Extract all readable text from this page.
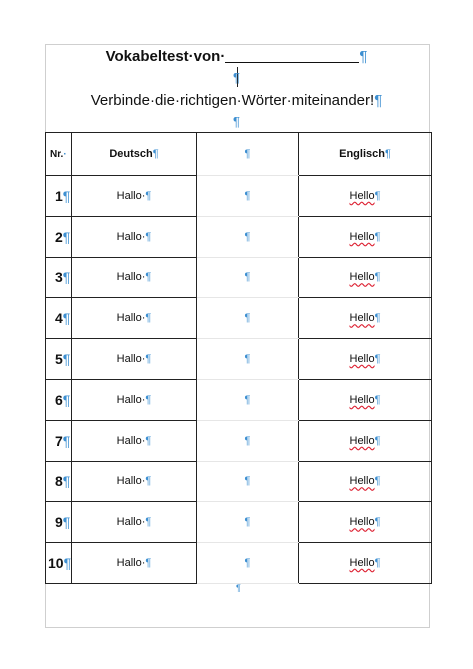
Vokabeltest·von·	¶
¶
Verbinde·die·richtigen·Wörter·miteinander!¶
¶
Nr.·	Deutsch¶	¶	Englisch¶
1¶	Hallo·¶	¶	Hello¶
2¶	Hallo·¶	¶	Hello¶
3¶	Hallo·¶	¶	Hello¶
4¶	Hallo·¶	¶	Hello¶
5¶	Hallo·¶	¶	Hello¶
6¶	Hallo·¶	¶	Hello¶
7¶	Hallo·¶	¶	Hello¶
8¶	Hallo·¶	¶	Hello¶
9¶	Hallo·¶	¶	Hello¶
10¶	Hallo·¶	¶	Hello¶
¶
